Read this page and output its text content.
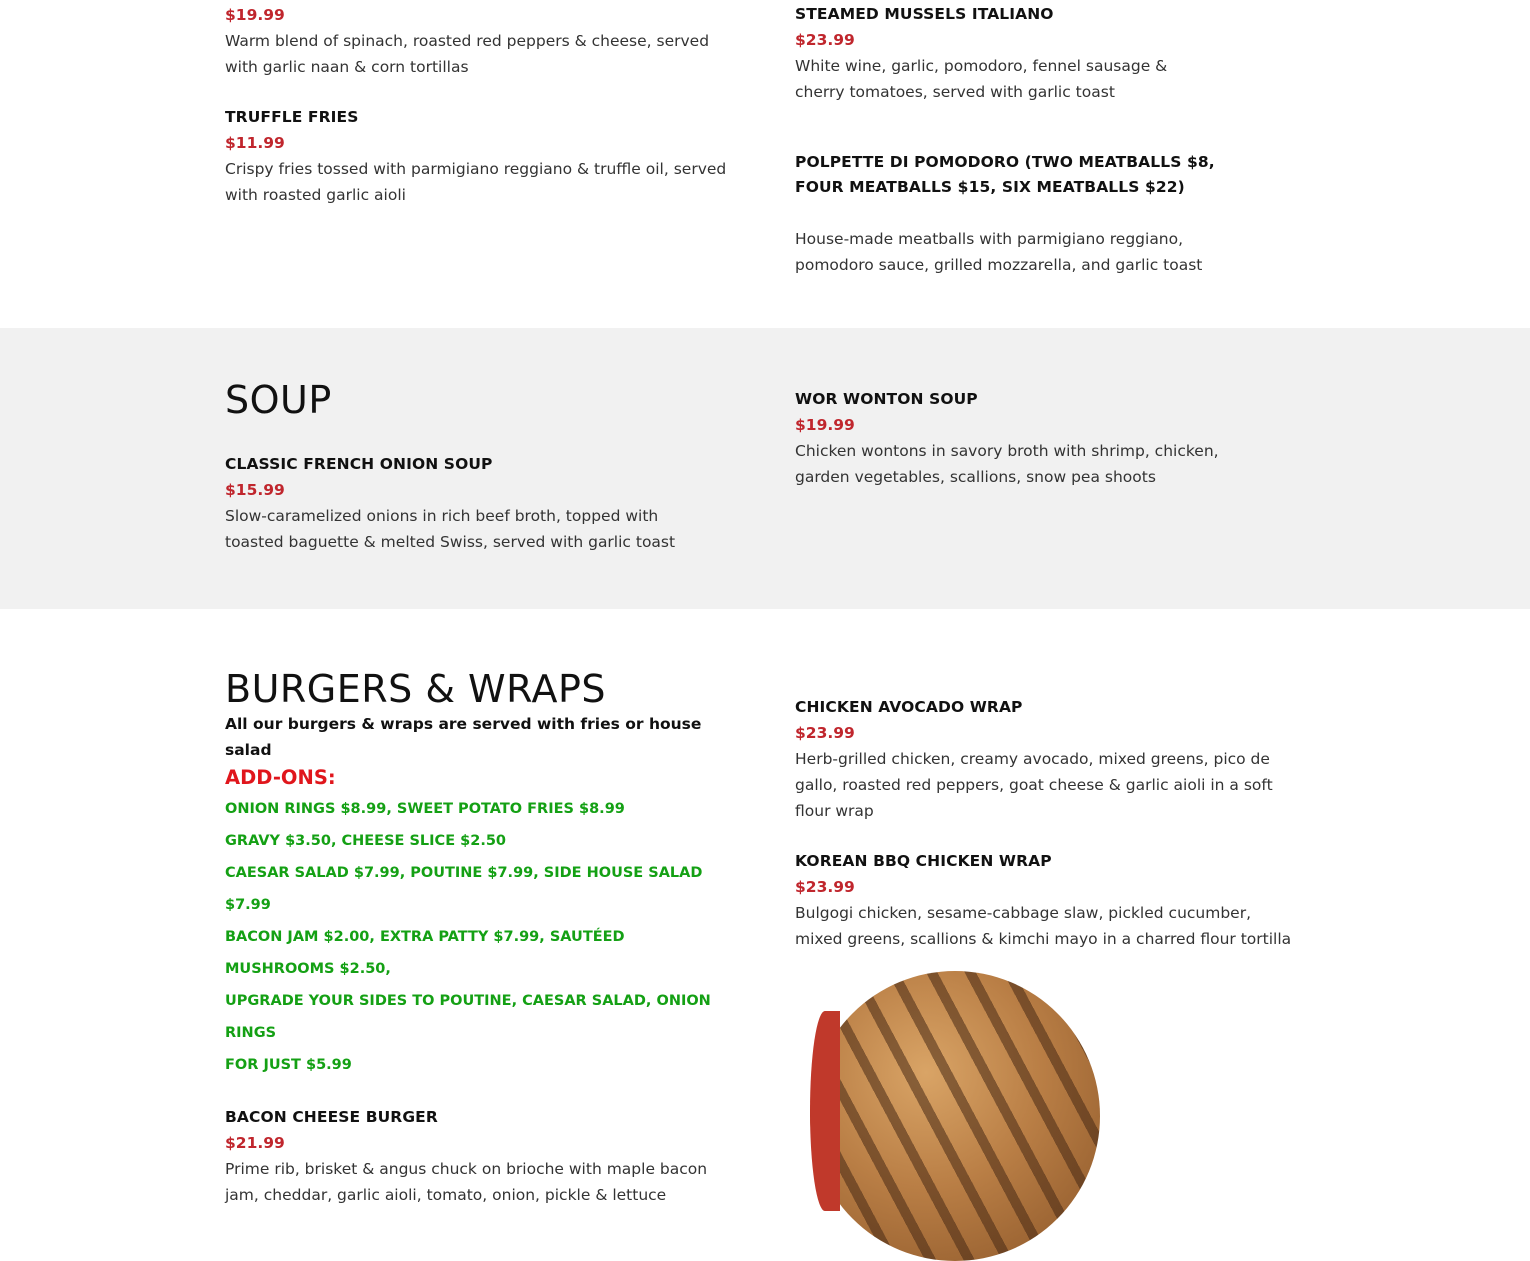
$19.99
Warm blend of spinach, roasted red peppers & cheese, served with garlic naan & corn tortillas
TRUFFLE FRIES
$11.99
Crispy fries tossed with parmigiano reggiano & truffle oil, served with roasted garlic aioli
STEAMED MUSSELS ITALIANO
$23.99
White wine, garlic, pomodoro, fennel sausage & cherry tomatoes, served with garlic toast
POLPETTE DI POMODORO (TWO MEATBALLS $8, FOUR MEATBALLS $15, SIX MEATBALLS $22)
House-made meatballs with parmigiano reggiano, pomodoro sauce, grilled mozzarella, and garlic toast
SOUP
CLASSIC FRENCH ONION SOUP
$15.99
Slow-caramelized onions in rich beef broth, topped with toasted baguette & melted Swiss, served with garlic toast
WOR WONTON SOUP
$19.99
Chicken wontons in savory broth with shrimp, chicken, garden vegetables, scallions, snow pea shoots
BURGERS & WRAPS
All our burgers & wraps are served with fries or house salad
ADD-ONS:
ONION RINGS $8.99, SWEET POTATO FRIES $8.99
GRAVY $3.50, CHEESE SLICE $2.50
CAESAR SALAD $7.99, POUTINE $7.99, SIDE HOUSE SALAD $7.99
BACON JAM $2.00, EXTRA PATTY $7.99, SAUTÉED MUSHROOMS $2.50,
UPGRADE YOUR SIDES TO POUTINE, CAESAR SALAD, ONION RINGS
FOR JUST $5.99
BACON CHEESE BURGER
$21.99
Prime rib, brisket & angus chuck on brioche with maple bacon jam, cheddar, garlic aioli, tomato, onion, pickle & lettuce
CHICKEN AVOCADO WRAP
$23.99
Herb-grilled chicken, creamy avocado, mixed greens, pico de gallo, roasted red peppers, goat cheese & garlic aioli in a soft flour wrap
KOREAN BBQ CHICKEN WRAP
$23.99
Bulgogi chicken, sesame-cabbage slaw, pickled cucumber, mixed greens, scallions & kimchi mayo in a charred flour tortilla
